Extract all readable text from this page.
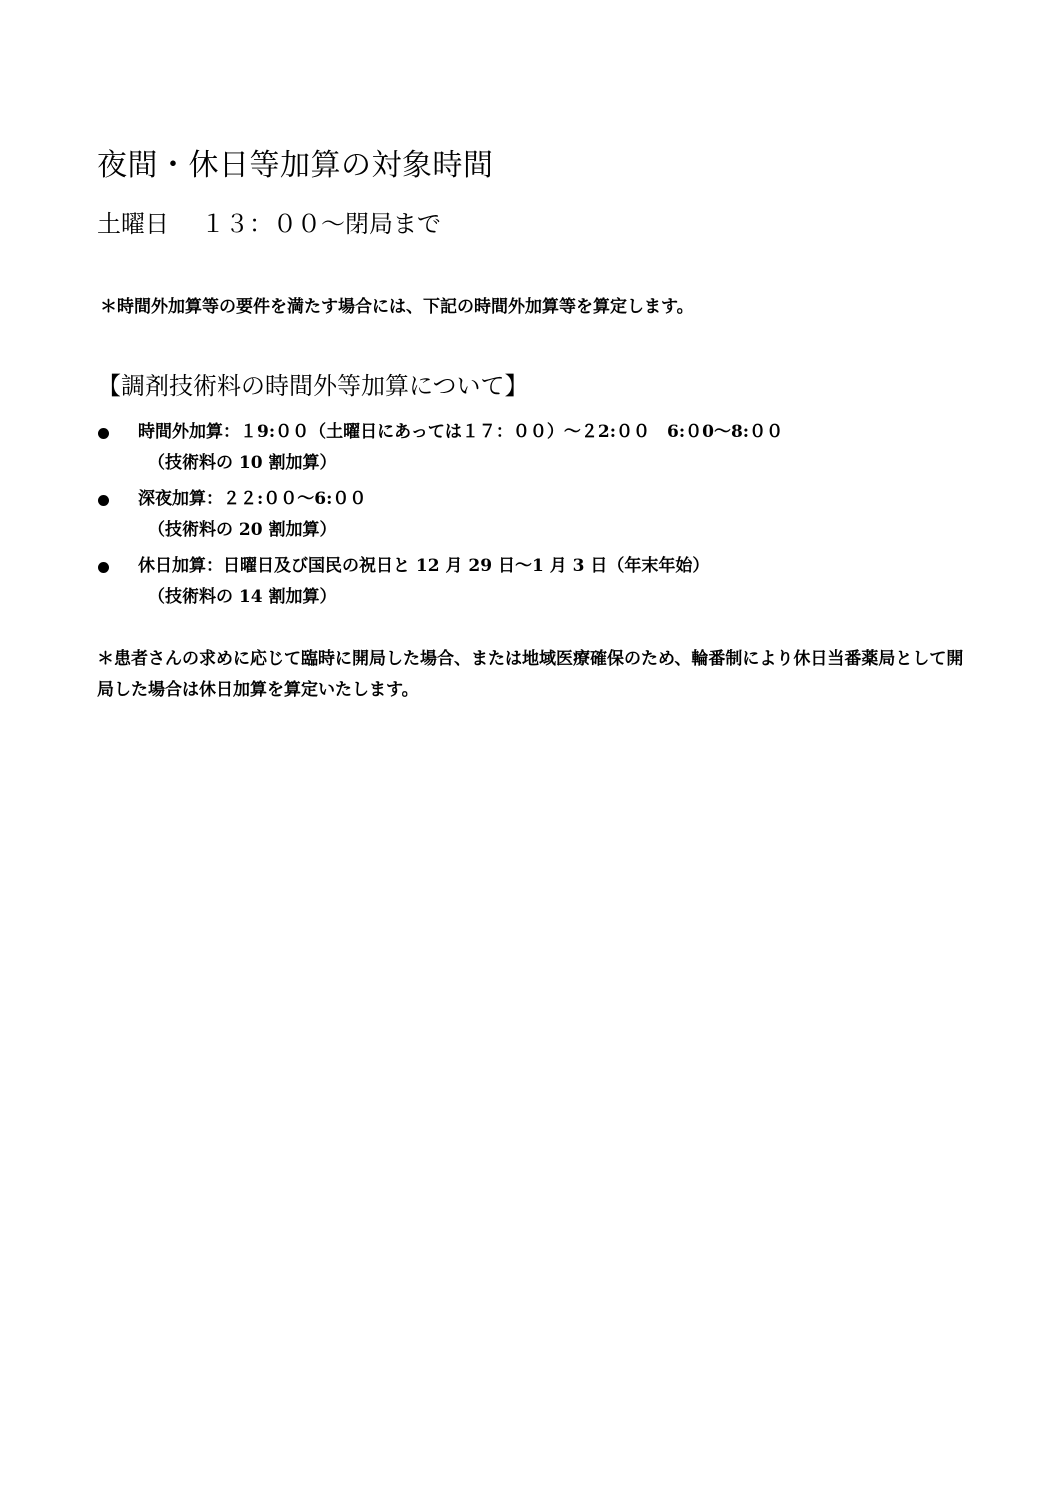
夜間・休日等加算の対象時間
土曜日 １３：００〜閉局まで
＊時間外加算等の要件を満たす場合には、下記の時間外加算等を算定します。
【調剤技術料の時間外等加算について】
時間外加算：１9:００（土曜日にあっては１７：００）〜２2:００　6:０0〜8:００
（技術料の 10 割加算）
深夜加算：２２:００〜6:００
（技術料の 20 割加算）
休日加算：日曜日及び国民の祝日と 12 月 29 日〜1 月 3 日（年末年始）
（技術料の 14 割加算）
＊患者さんの求めに応じて臨時に開局した場合、または地域医療確保のため、輪番制により休日当番薬局として開局した場合は休日加算を算定いたします。
